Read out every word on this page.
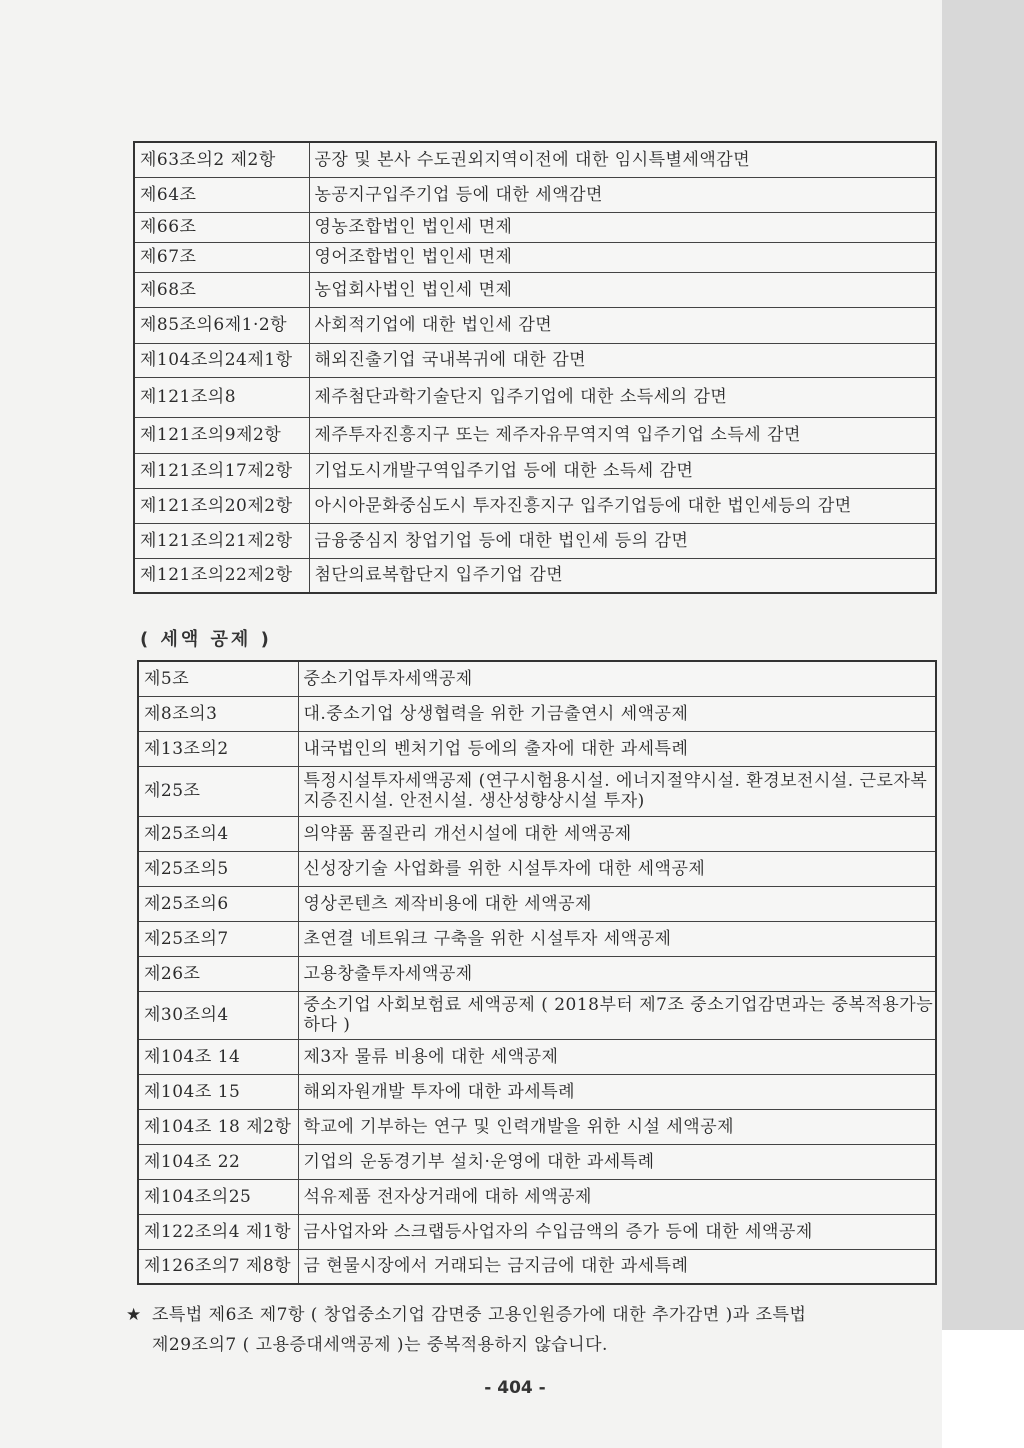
제63조의2 제2항	공장 및 본사 수도권외지역이전에 대한 임시특별세액감면
제64조	농공지구입주기업 등에 대한 세액감면
제66조	영농조합법인 법인세 면제
제67조	영어조합법인 법인세 면제
제68조	농업회사법인 법인세 면제
제85조의6제1·2항	사회적기업에 대한 법인세 감면
제104조의24제1항	해외진출기업 국내복귀에 대한 감면
제121조의8	제주첨단과학기술단지 입주기업에 대한 소득세의 감면
제121조의9제2항	제주투자진흥지구 또는 제주자유무역지역 입주기업 소득세 감면
제121조의17제2항	기업도시개발구역입주기업 등에 대한 소득세 감면
제121조의20제2항	아시아문화중심도시 투자진흥지구 입주기업등에 대한 법인세등의 감면
제121조의21제2항	금융중심지 창업기업 등에 대한 법인세 등의 감면
제121조의22제2항	첨단의료복합단지 입주기업 감면
( 세액 공제 )
제5조	중소기업투자세액공제
제8조의3	대.중소기업 상생협력을 위한 기금출연시 세액공제
제13조의2	내국법인의 벤처기업 등에의 출자에 대한 과세특례
제25조	특정시설투자세액공제 (연구시험용시설. 에너지절약시설. 환경보전시설. 근로자복지증진시설. 안전시설. 생산성향상시설 투자)
제25조의4	의약품 품질관리 개선시설에 대한 세액공제
제25조의5	신성장기술 사업화를 위한 시설투자에 대한 세액공제
제25조의6	영상콘텐츠 제작비용에 대한 세액공제
제25조의7	초연결 네트워크 구축을 위한 시설투자 세액공제
제26조	고용창출투자세액공제
제30조의4	중소기업 사회보험료 세액공제 ( 2018부터 제7조 중소기업감면과는 중복적용가능하다 )
제104조 14	제3자 물류 비용에 대한 세액공제
제104조 15	해외자원개발 투자에 대한 과세특례
제104조 18 제2항	학교에 기부하는 연구 및 인력개발을 위한 시설 세액공제
제104조 22	기업의 운동경기부 설치·운영에 대한 과세특례
제104조의25	석유제품 전자상거래에 대하 세액공제
제122조의4 제1항	금사업자와 스크랩등사업자의 수입금액의 증가 등에 대한 세액공제
제126조의7 제8항	금 현물시장에서 거래되는 금지금에 대한 과세특례
★ 조특법 제6조 제7항 ( 창업중소기업 감면중 고용인원증가에 대한 추가감면 )과 조특법
제29조의7 ( 고용증대세액공제 )는 중복적용하지 않습니다.
- 404 -
